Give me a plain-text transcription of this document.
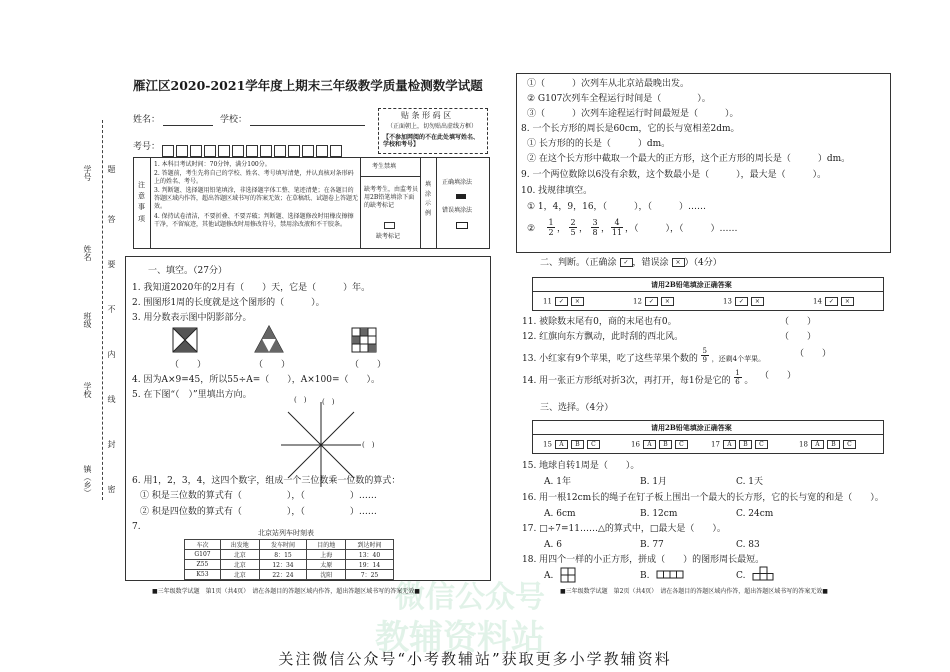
微信公众号
教辅资料站
学号
姓名
班级
学校
镇（乡）
题
答
要
不
内
线
封
密
雁江区2020-2021学年度上期末三年级教学质量检测数学试题
姓名：	学校：
考号：
贴 条 形 码 区
（正面朝上，切勿贴出虚线方框）
【不参加网阅的不在此处填写姓名、学校和考号】
注意事项
1. 本科目考试时间：70分钟，满分100分。
2. 答题前，考生先将自己的学校、姓名、考号填写清楚，并认真核对条形码上的姓名、考号。
3. 判断题、选择题用铅笔填涂，非选择题字体工整、笔迹清楚；在各题目的答题区域内作答，超出答题区域书写的答案无效；在草稿纸、试题卷上答题无效。
4. 保持试卷清洁，不要折叠、不要弄破；判断题、选择题修改时用橡皮擦擦干净，不留痕迹，其他试题修改时用修改符号，禁用涂改液和不干胶条。
考生禁填
缺考考生，由监考员用2B铅笔填涂下面的缺考标记
缺考标记
填涂示例
正确填涂法
错误填涂法
一、填空。（27分）
1. 我知道2020年的2月有（　　）天，它是（　　　）年。
2. 围图形1周的长度就是这个图形的（　　　）。
3. 用分数表示图中阴影部分。
（　　）	（　　）	（　　）
4. 因为A×9=45，所以55÷A=（　　），A×100=（　　）。
5. 在下图“（　）”里填出方向。	(　) (　)
(　)
6. 用1，2，3，4，这四个数字，组成一个三位数乘一位数的算式：
① 积是三位数的算式有（　　　　　），（　　　　　）……
② 积是四位数的算式有（　　　　　），（　　　　　）……
7.
北京站列车时刻表
车次	出发地	发车时间	目的地	到达时间
G107	北京	8：15	上海	13：40
Z55	北京	12：34	太原	19：14
K53	北京	22：24	沈阳	7：25
■三年级数学试题　第1页（共4页）　请在各题目的答题区域内作答，超出答题区域书写的答案无效■
①（　　　）次列车从北京站最晚出发。
② G107次列车全程运行时间是（　　　　）。
③（　　　）次列车途程运行时间最短是（　　　）。
8. 一个长方形的周长是60cm，它的长与宽相差2dm。
① 长方形的的长是（　　　）dm。
② 在这个长方形中截取一个最大的正方形，这个正方形的周长是（　　　）dm。
9. 一个两位数除以6没有余数，这个数最小是（　　　），最大是（　　　）。
10. 找规律填空。
① 1，4，9，16，（　　　），（　　　）……
②
1
2 ，
2
5 ，
3
8 ，
4
11 ，（　　　），（　　　）……
二、判断。（正确涂 ✓ ，错误涂 × ）（4分）
请用2B铅笔填涂正确答案
11 ✓ ×	12 ✓ ×	13 ✓ ×	14 ✓ ×
11. 被除数末尾有0，商的末尾也有0。	（　　）
12. 红旗向东方飘动，此时刮的西北风。	（　　）
13. 小红家有9个苹果，吃了这些苹果个数的 $\frac{5}{9}$ ，还剩4个苹果。	（　　）
14. 用一张正方形纸对折3次，再打开，每1份是它的 $\frac{1}{6}$ 。 （　　）
三、选择。（4分）
请用2B铅笔填涂正确答案
15 A B C	16 A B C	17 A B C	18 A B C
15. 地球自转1周是（　　）。
A. 1年	B. 1月	C. 1天
16. 用一根12cm长的绳子在钉子板上围出一个最大的长方形，它的长与宽的和是（　　）。
A. 6cm	B. 12cm	C. 24cm
17. □÷7=11……△的算式中，□最大是（　　）。
A. 6	B. 77	C. 83
18. 用四个一样的小正方形，拼成（　　）的图形周长最短。
A.	B.	C.
■三年级数学试题　第2页（共4页）　请在各题目的答题区域内作答，超出答题区域书写的答案无效■
关注微信公众号“小考教辅站”获取更多小学教辅资料
